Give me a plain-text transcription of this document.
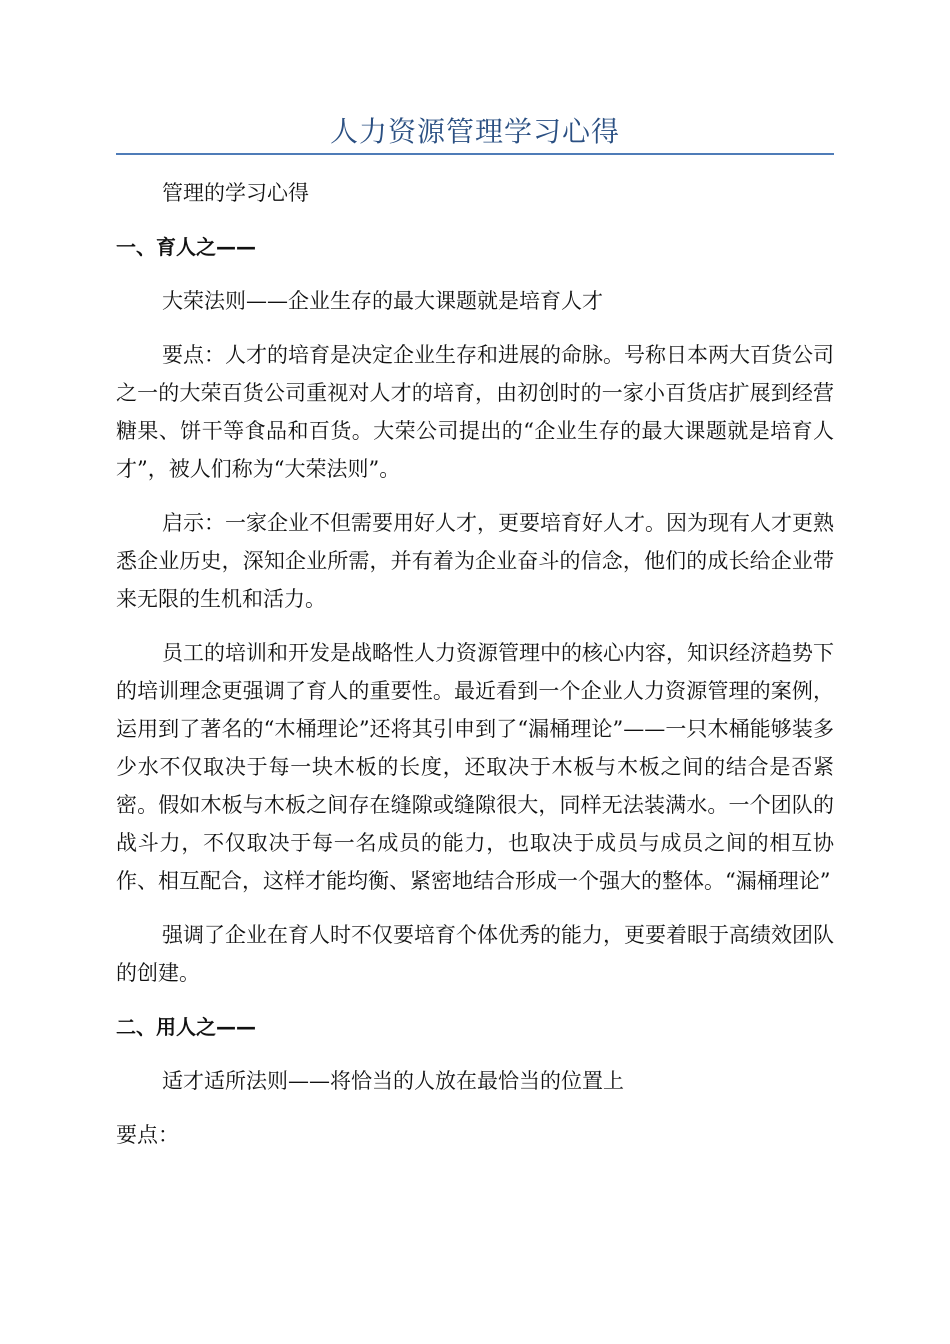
人力资源管理学习心得

管理的学习心得

一、育人之——

大荣法则——企业生存的最大课题就是培育人才

要点：人才的培育是决定企业生存和进展的命脉。号称日本两大百货公司之一的大荣百货公司重视对人才的培育，由初创时的一家小百货店扩展到经营糖果、饼干等食品和百货。大荣公司提出的“企业生存的最大课题就是培育人才”，被人们称为“大荣法则”。

启示：一家企业不但需要用好人才，更要培育好人才。因为现有人才更熟悉企业历史，深知企业所需，并有着为企业奋斗的信念，他们的成长给企业带来无限的生机和活力。

员工的培训和开发是战略性人力资源管理中的核心内容，知识经济趋势下的培训理念更强调了育人的重要性。最近看到一个企业人力资源管理的案例，运用到了著名的“木桶理论”还将其引申到了“漏桶理论”——一只木桶能够装多少水不仅取决于每一块木板的长度，还取决于木板与木板之间的结合是否紧密。假如木板与木板之间存在缝隙或缝隙很大，同样无法装满水。一个团队的战斗力，不仅取决于每一名成员的能力，也取决于成员与成员之间的相互协作、相互配合，这样才能均衡、紧密地结合形成一个强大的整体。“漏桶理论”

强调了企业在育人时不仅要培育个体优秀的能力，更要着眼于高绩效团队的创建。

二、用人之——

适才适所法则——将恰当的人放在最恰当的位置上

要点：
